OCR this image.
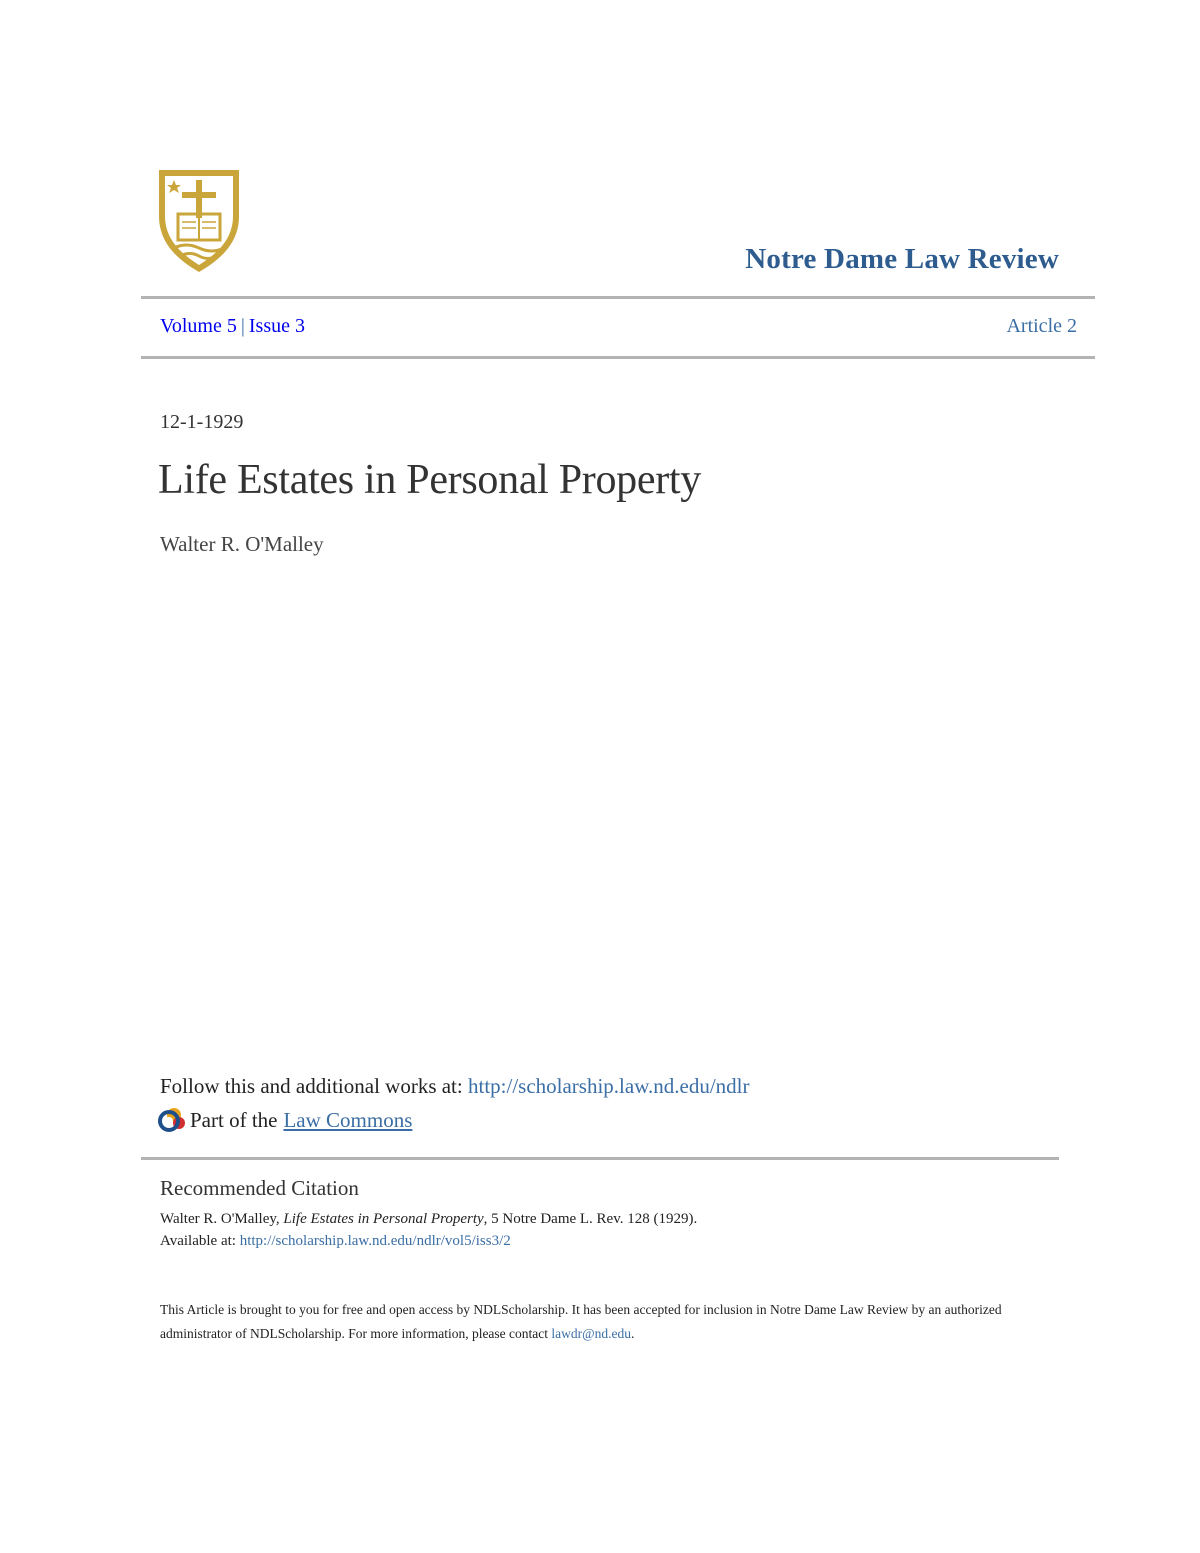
Notre Dame Law Review
Volume 5 | Issue 3	Article 2
12-1-1929
Life Estates in Personal Property
Walter R. O'Malley
Follow this and additional works at: http://scholarship.law.nd.edu/ndlr
Part of the Law Commons
Recommended Citation
Walter R. O'Malley, Life Estates in Personal Property, 5 Notre Dame L. Rev. 128 (1929).
Available at: http://scholarship.law.nd.edu/ndlr/vol5/iss3/2
This Article is brought to you for free and open access by NDLScholarship. It has been accepted for inclusion in Notre Dame Law Review by an authorized administrator of NDLScholarship. For more information, please contact lawdr@nd.edu.
